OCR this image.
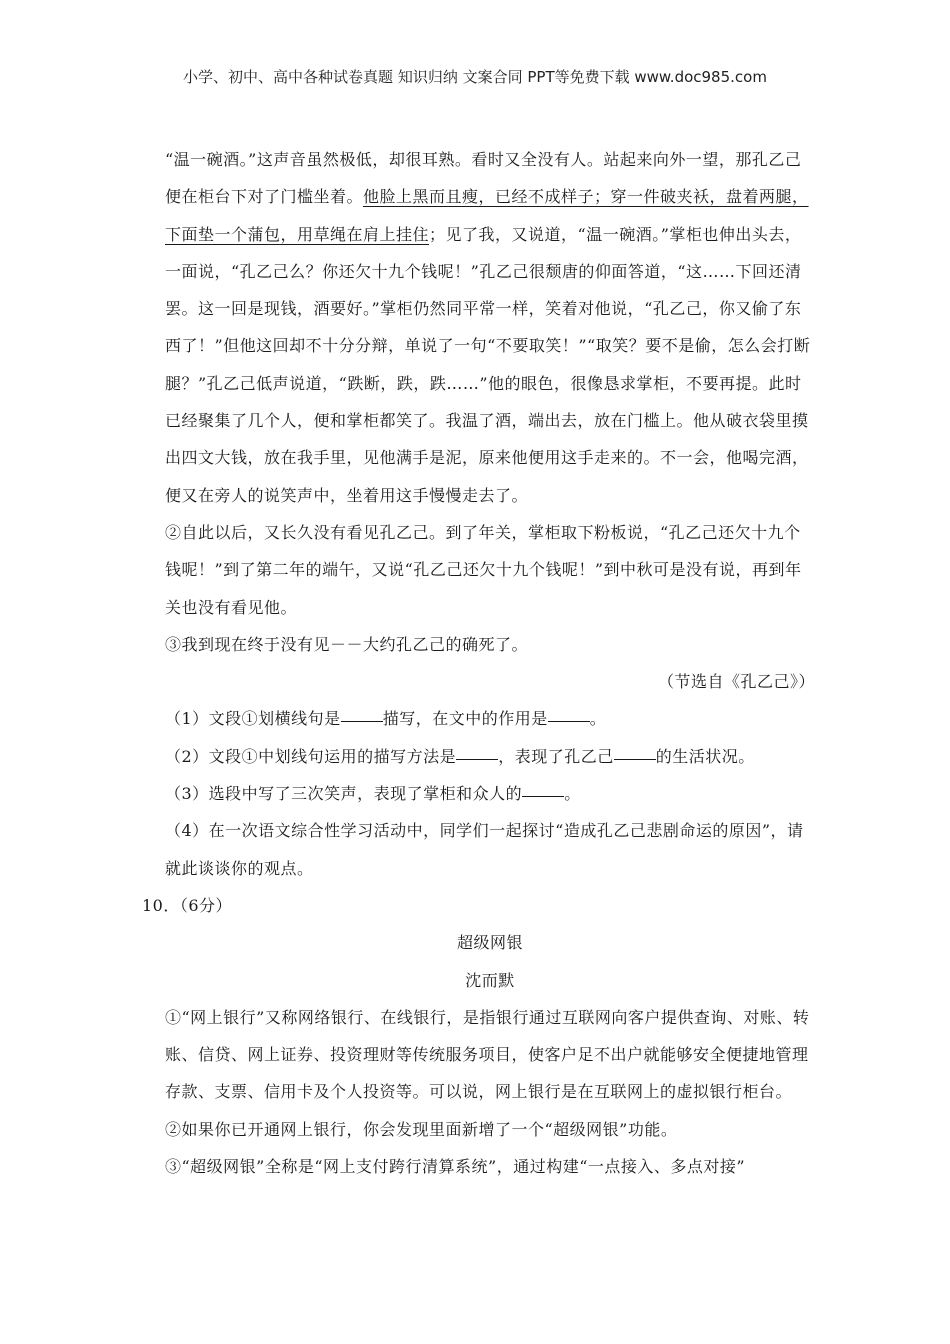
小学、初中、高中各种试卷真题 知识归纳 文案合同 PPT等免费下载 www.doc985.com

“温一碗酒。”这声音虽然极低，却很耳熟。看时又全没有人。站起来向外一望，那孔乙己便在柜台下对了门槛坐着。他脸上黑而且瘦，已经不成样子；穿一件破夹袄，盘着两腿，下面垫一个蒲包，用草绳在肩上挂住；见了我，又说道，“温一碗酒。”掌柜也伸出头去，一面说，“孔乙己么？你还欠十九个钱呢！”孔乙己很颓唐的仰面答道，“这……下回还清罢。这一回是现钱，酒要好。”掌柜仍然同平常一样，笑着对他说，“孔乙己，你又偷了东西了！”但他这回却不十分分辩，单说了一句“不要取笑！”“取笑？要不是偷，怎么会打断腿？”孔乙己低声说道，“跌断，跌，跌……”他的眼色，很像恳求掌柜，不要再提。此时已经聚集了几个人，便和掌柜都笑了。我温了酒，端出去，放在门槛上。他从破衣袋里摸出四文大钱，放在我手里，见他满手是泥，原来他便用这手走来的。不一会，他喝完酒，便又在旁人的说笑声中，坐着用这手慢慢走去了。

②自此以后，又长久没有看见孔乙己。到了年关，掌柜取下粉板说，“孔乙己还欠十九个钱呢！”到了第二年的端午，又说“孔乙己还欠十九个钱呢！”到中秋可是没有说，再到年关也没有看见他。

③我到现在终于没有见－－大约孔乙己的确死了。

（节选自《孔乙己》）

（1）文段①划横线句是	描写，在文中的作用是	。

（2）文段①中划线句运用的描写方法是	，表现了孔乙己	的生活状况。

（3）选段中写了三次笑声，表现了掌柜和众人的	。

（4）在一次语文综合性学习活动中，同学们一起探讨“造成孔乙己悲剧命运的原因”，请就此谈谈你的观点。

10．（6分）

超级网银

沈而默

①“网上银行”又称网络银行、在线银行，是指银行通过互联网向客户提供查询、对账、转账、信贷、网上证券、投资理财等传统服务项目，使客户足不出户就能够安全便捷地管理存款、支票、信用卡及个人投资等。可以说，网上银行是在互联网上的虚拟银行柜台。

②如果你已开通网上银行，你会发现里面新增了一个“超级网银”功能。

③“超级网银”全称是“网上支付跨行清算系统”，通过构建“一点接入、多点对接”
